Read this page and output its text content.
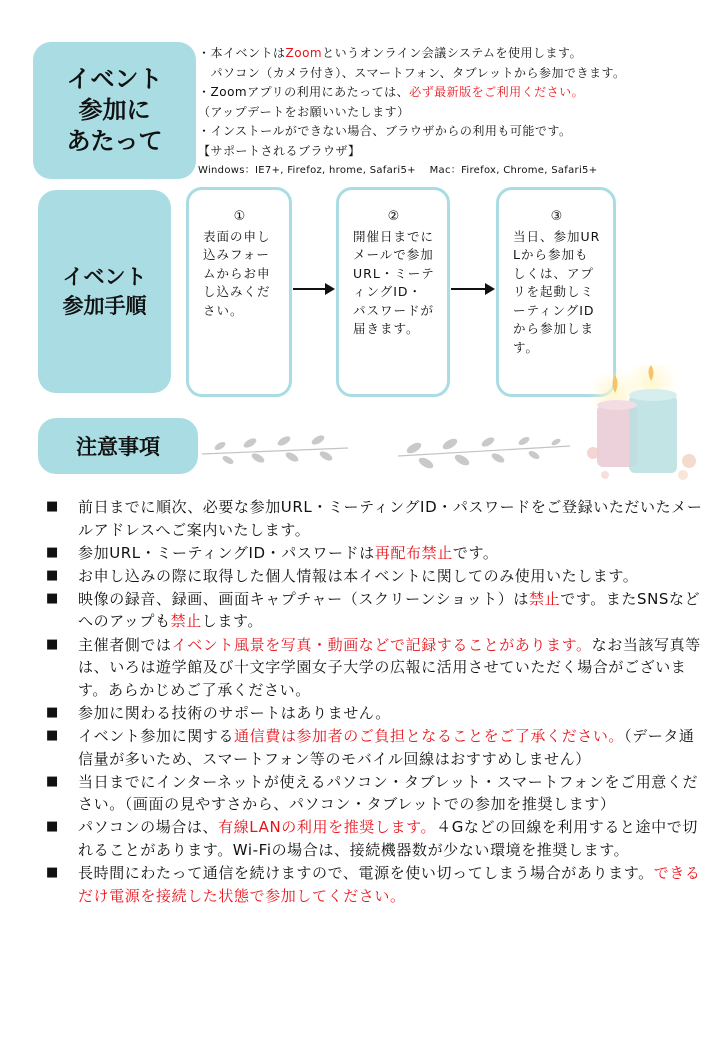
イベント
参加に
あたって
イベント
参加手順
注意事項
・本イベントはZoomというオンライン会議システムを使用します。
　パソコン（カメラ付き）、スマートフォン、タブレットから参加できます。
・Zoomアプリの利用にあたっては、必ず最新版をご利用ください。
（アップデートをお願いいたします）
・インストールができない場合、ブラウザからの利用も可能です。
【サポートされるブラウザ】
Windows：IE7+, Firefoz, hrome, Safari5+　 Mac：Firefox, Chrome, Safari5+
①
表面の申し込みフォームからお申し込みください。
②
開催日までにメールで参加URL・ミーティングID・パスワードが届きます。
③
当日、参加URLから参加もしくは、アプリを起動しミーティングIDから参加します。
■ 前日までに順次、必要な参加URL・ミーティングID・パスワードをご登録いただいたメールアドレスへご案内いたします。
■ 参加URL・ミーティングID・パスワードは再配布禁止です。
■ お申し込みの際に取得した個人情報は本イベントに関してのみ使用いたします。
■ 映像の録音、録画、画面キャプチャー（スクリーンショット）は禁止です。またSNSなどへのアップも禁止します。
■ 主催者側ではイベント風景を写真・動画などで記録することがあります。なお当該写真等は、いろは遊学館及び十文字学園女子大学の広報に活用させていただく場合がございます。あらかじめご了承ください。
■ 参加に関わる技術のサポートはありません。
■ イベント参加に関する通信費は参加者のご負担となることをご了承ください。（データ通信量が多いため、スマートフォン等のモバイル回線はおすすめしません）
■ 当日までにインターネットが使えるパソコン・タブレット・スマートフォンをご用意ください。（画面の見やすさから、パソコン・タブレットでの参加を推奨します）
■ パソコンの場合は、有線LANの利用を推奨します。４Gなどの回線を利用すると途中で切れることがあります。Wi-Fiの場合は、接続機器数が少ない環境を推奨します。
■ 長時間にわたって通信を続けますので、電源を使い切ってしまう場合があります。できるだけ電源を接続した状態で参加してください。
